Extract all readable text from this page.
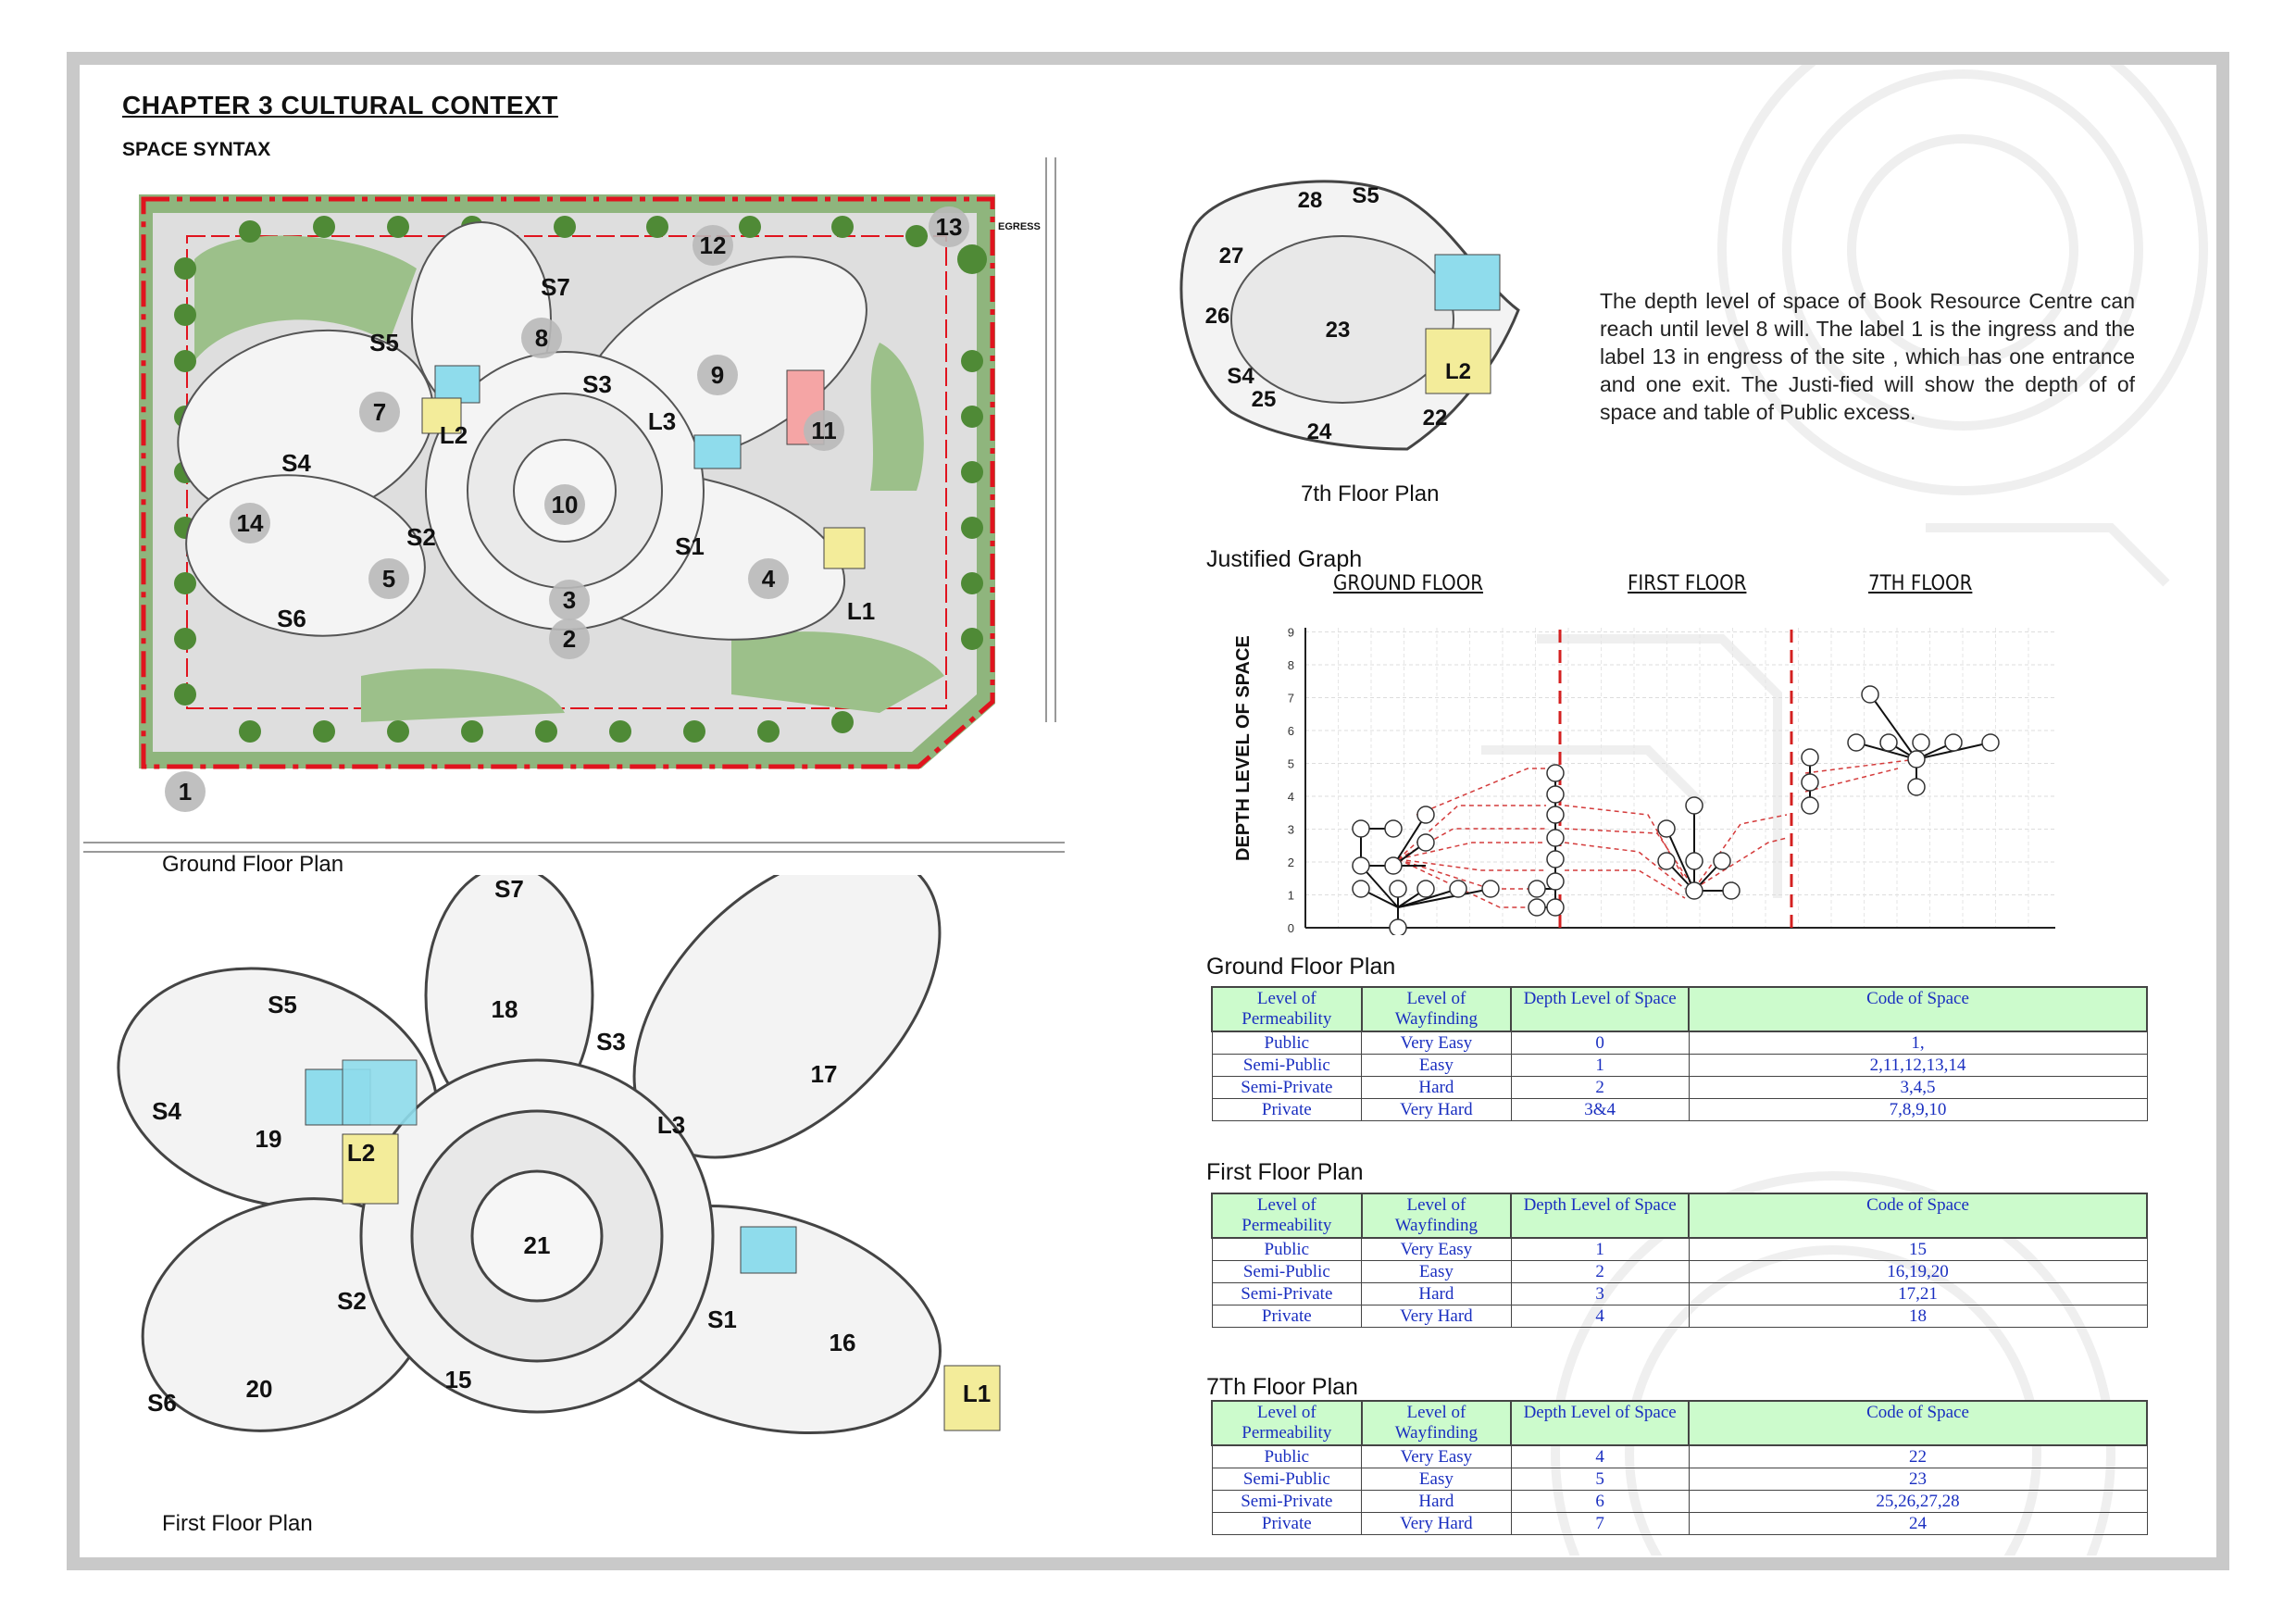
CHAPTER 3 CULTURAL CONTEXT
SPACE SYNTAX
EGRESS
1
2
3
4
5
7
8
9
10
11
12
13
14
S1
S2
S3
S4
S5
S6
S7
L1
L2	L3
Ground Floor Plan
15
16
17
18
19
20
21
S1
S2
S3
S4
S5
S6
S7
L1
L2
L3
First Floor Plan
22
23
24
25
26
27
28
S4
S5
L2
7th Floor Plan
The depth level of space of Book Resource Centre can reach until level 8 will. The label 1 is the ingress and the label 13 in engress of the site , which has one entrance and one exit. The Justi-fied will show the depth of of space and table of Public excess.
Justified Graph
GROUND FLOOR	FIRST FLOOR	7TH FLOOR
DEPTH LEVEL OF SPACE
0
1
2
3
4
5
6
7
8
9
Ground Floor Plan
Level of Permeability	Level of Wayfinding	Depth Level of Space	Code of Space
Public	Very Easy	0	1,
Semi-Public	Easy	1	2,11,12,13,14
Semi-Private	Hard	2	3,4,5
Private	Very Hard	3&4	7,8,9,10
First Floor Plan
Level of Permeability	Level of Wayfinding	Depth Level of Space	Code of Space
Public	Very Easy	1	15
Semi-Public	Easy	2	16,19,20
Semi-Private	Hard	3	17,21
Private	Very Hard	4	18
7Th Floor Plan
Level of Permeability	Level of Wayfinding	Depth Level of Space	Code of Space
Public	Very Easy	4	22
Semi-Public	Easy	5	23
Semi-Private	Hard	6	25,26,27,28
Private	Very Hard	7	24
